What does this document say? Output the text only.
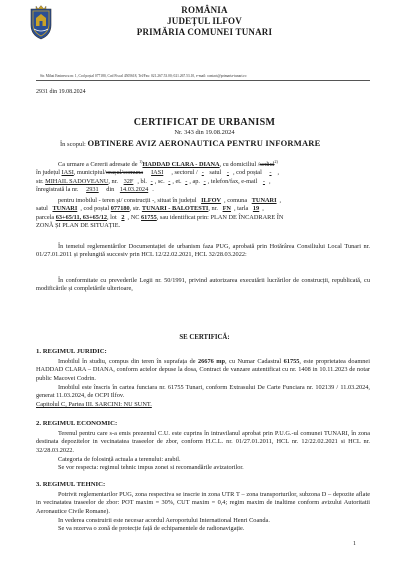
ROMÂNIA
JUDEȚUL ILFOV
PRIMĂRIA COMUNEI TUNARI
Str. Mihai Eminescu nr. 1, Cod poștal 077180, Cod Fiscal 4505618, Tel/Fax: 021.267.53.00; 021.267.53.10, e-mail: contact@primaria-tunari.ro
2931 din 19.08.2024
CERTIFICAT DE URBANISM
Nr. 343 din 19.08.2024
În scopul: OBTINERE AVIZ AERONAUTICA PENTRU INFORMARE
Ca urmare a Cererii adresate de $^{1)}$HADDAD CLARA - DIANA, cu domiciliul /sediul$^{2)}$
în județul IASI, municipiul/orașul/comuna IASI , sectorul / - satul - , cod poștal - ,
str. MIHAIL SADOVEANU, nr. 32F , bl. - , sc. - , et. - , ap. - , telefon/fax, e-mail - ,
înregistrată la nr. 2931 din 14.03.2024 .
pentru imobilul - teren și/ construcții -, situat în județul ILFOV , comuna TUNARI ,
satul TUNARI , cod poștal 077180, str. TUNARI - BALOTESTI, nr. FN , tarla 19 ,
parcela 63+65/11, 63+65/12, lot 2 , NC 61755, sau identificat prin: PLAN DE ÎNCADRARE ÎN
ZONĂ ȘI PLAN DE SITUAȚIE.
În temeiul reglementărilor Documentației de urbanism faza PUG, aprobată prin Hotărârea Consiliului Local Tunari nr. 01/27.01.2011 și prelungită succesiv prin HCL 12/22.02.2021, HCL 32/28.03.2022:
În conformitate cu prevederile Legii nr. 50/1991, privind autorizarea executării lucrărilor de construcții, republicată, cu modificările și completările ulterioare,
SE CERTIFICĂ:
1. REGIMUL JURIDIC:
Imobilul în studiu, compus din teren în suprafața de 26676 mp, cu Numar Cadastral 61755, este proprietatea doamnei HADDAD CLARA – DIANA, conform actelor depuse la dosa, Contract de vanzare autentificat cu nr. 1408 in 10.11.2023 de notar public Macovei Codrin.
Imobilul este înscris în cartea funciara nr. 61755 Tunari, conform Extrasului De Carte Funciara nr. 102139 / 11.03.2024, generat 11.03.2024, de OCPI Ilfov.
Capitolul C, Partea III. SARCINI: NU SUNT.
2. REGIMUL ECONOMIC:
Terenul pentru care s-a emis prezentul C.U. este cuprins în intravilanul aprobat prin P.U.G.-ul comunei TUNARI, în zona destinata depozitelor in vecinatatea traseelor de zbor, conform H.C.L. nr. 01/27.01.2011, HCL nr. 12/22.02.2021 si HCL nr. 32/28.03.2022.
Categoria de folosință actuala a terenului: arabil.
Se vor respecta: regimul tehnic impus zonei si recomandările avizatorilor.
3. REGIMUL TEHNIC:
Potrivit reglementarilor PUG, zona respectiva se inscrie in zona UTR T – zona transporturilor, subzona D – depozite aflate in vecinatatea traseelor de zbor: POT maxim = 30%, CUT maxim = 0,4; regim maxim de inaltime conform avizului Autoritatii Aeronautice Civile Romane).
In vederea construirii este necesar acordul Aeroportului International Henri Coanda.
Se va rezerva o zonă de protecție față de echipamentele de radionavigație.
1
